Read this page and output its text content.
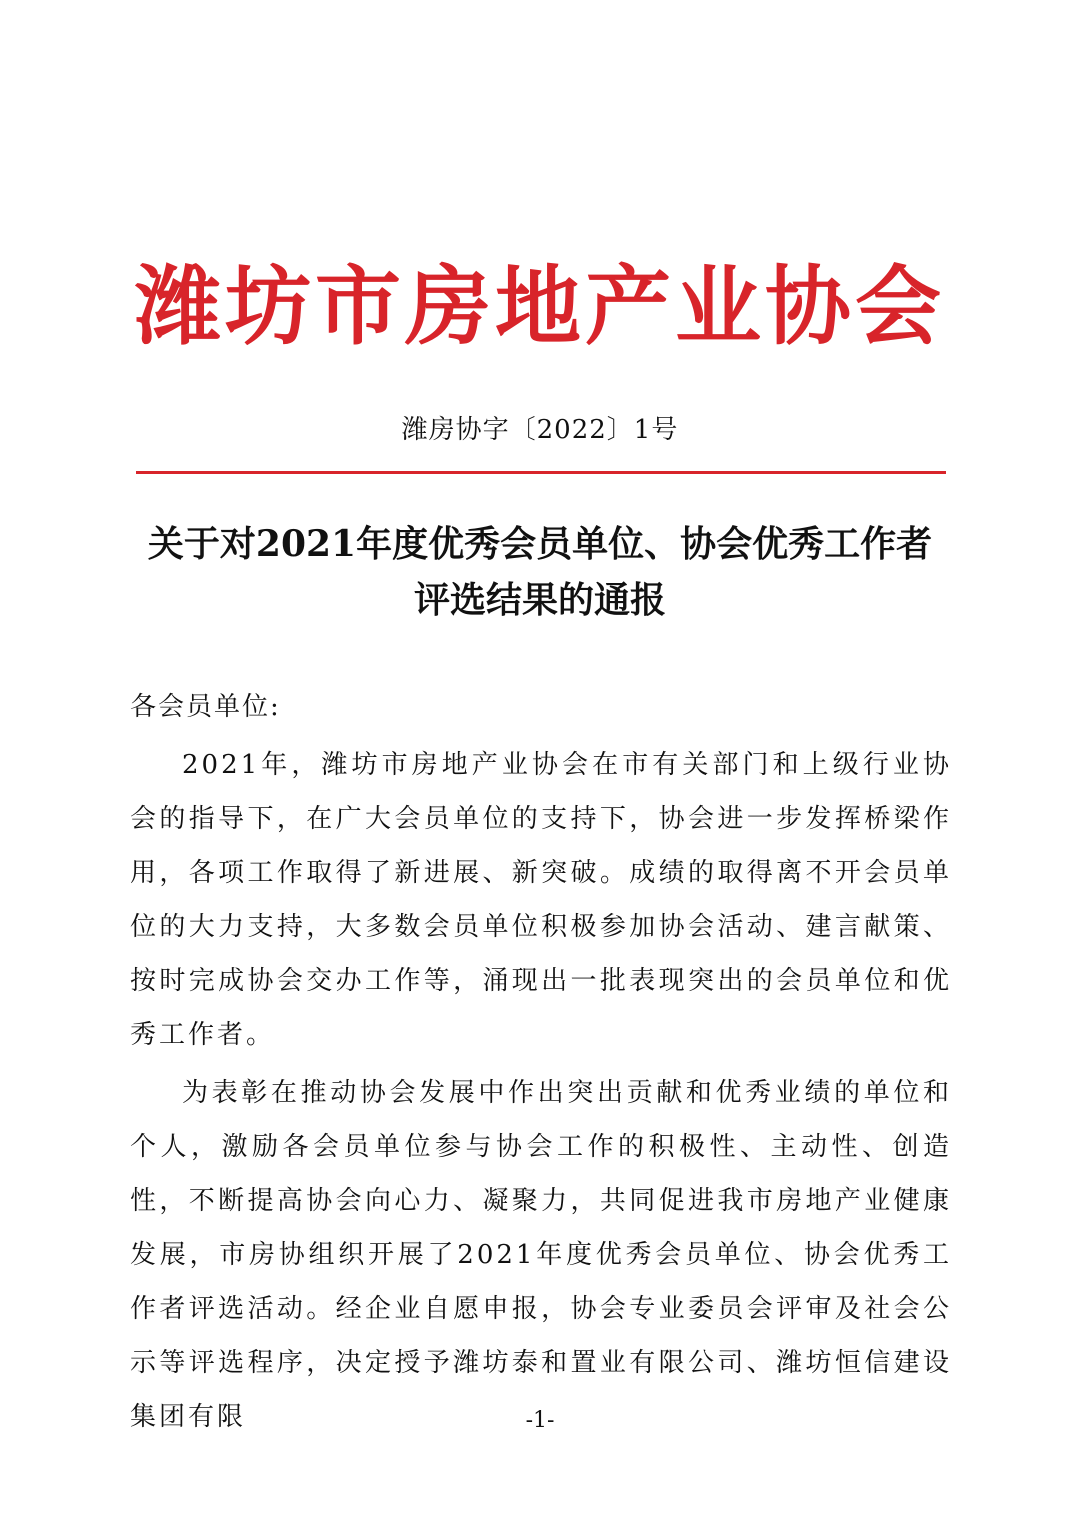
潍坊市房地产业协会
潍房协字〔2022〕1号
关于对2021年度优秀会员单位、协会优秀工作者
评选结果的通报
各会员单位:
2021年，潍坊市房地产业协会在市有关部门和上级行业协会的指导下，在广大会员单位的支持下，协会进一步发挥桥梁作用，各项工作取得了新进展、新突破。成绩的取得离不开会员单位的大力支持，大多数会员单位积极参加协会活动、建言献策、按时完成协会交办工作等，涌现出一批表现突出的会员单位和优秀工作者。
为表彰在推动协会发展中作出突出贡献和优秀业绩的单位和个人，激励各会员单位参与协会工作的积极性、主动性、创造性，不断提高协会向心力、凝聚力，共同促进我市房地产业健康发展，市房协组织开展了2021年度优秀会员单位、协会优秀工作者评选活动。经企业自愿申报，协会专业委员会评审及社会公示等评选程序，决定授予潍坊泰和置业有限公司、潍坊恒信建设集团有限	-1-
